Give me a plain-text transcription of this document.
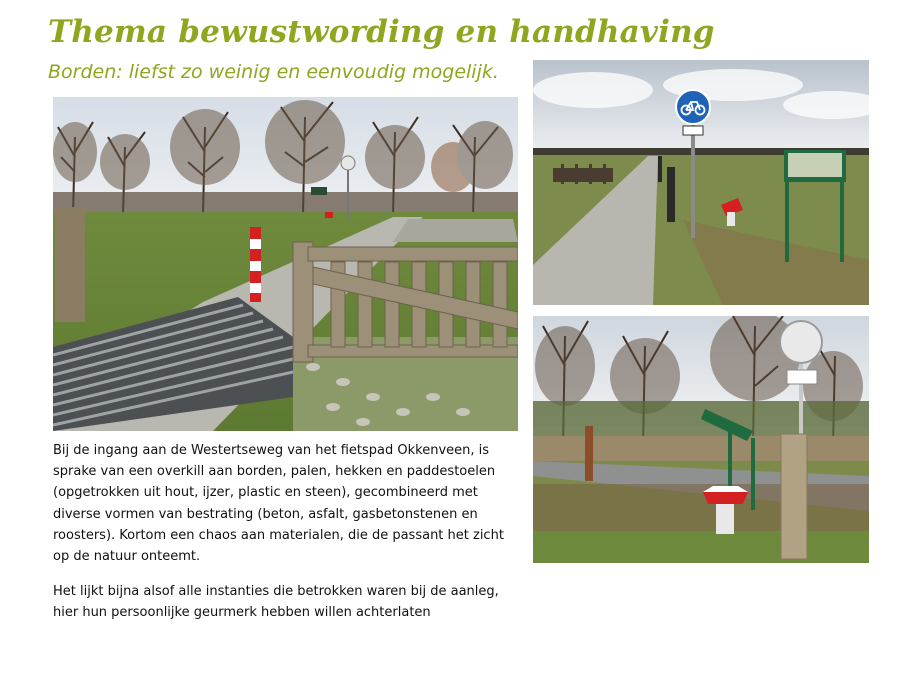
Thema bewustwording en handhaving
Borden: liefst zo weinig en eenvoudig mogelijk.
Bij de ingang aan de Westertseweg van het fietspad Okkenveen, is sprake van een overkill aan borden, palen, hekken en paddestoelen (opgetrokken uit hout, ijzer, plastic en steen), gecombineerd met diverse vormen van bestrating (beton, asfalt, gasbetonstenen en roosters). Kortom een chaos aan materialen, die de passant het zicht op de natuur onteemt.
Het lijkt bijna alsof alle instanties die betrokken waren bij de aanleg, hier hun persoonlijke geurmerk hebben willen achterlaten
